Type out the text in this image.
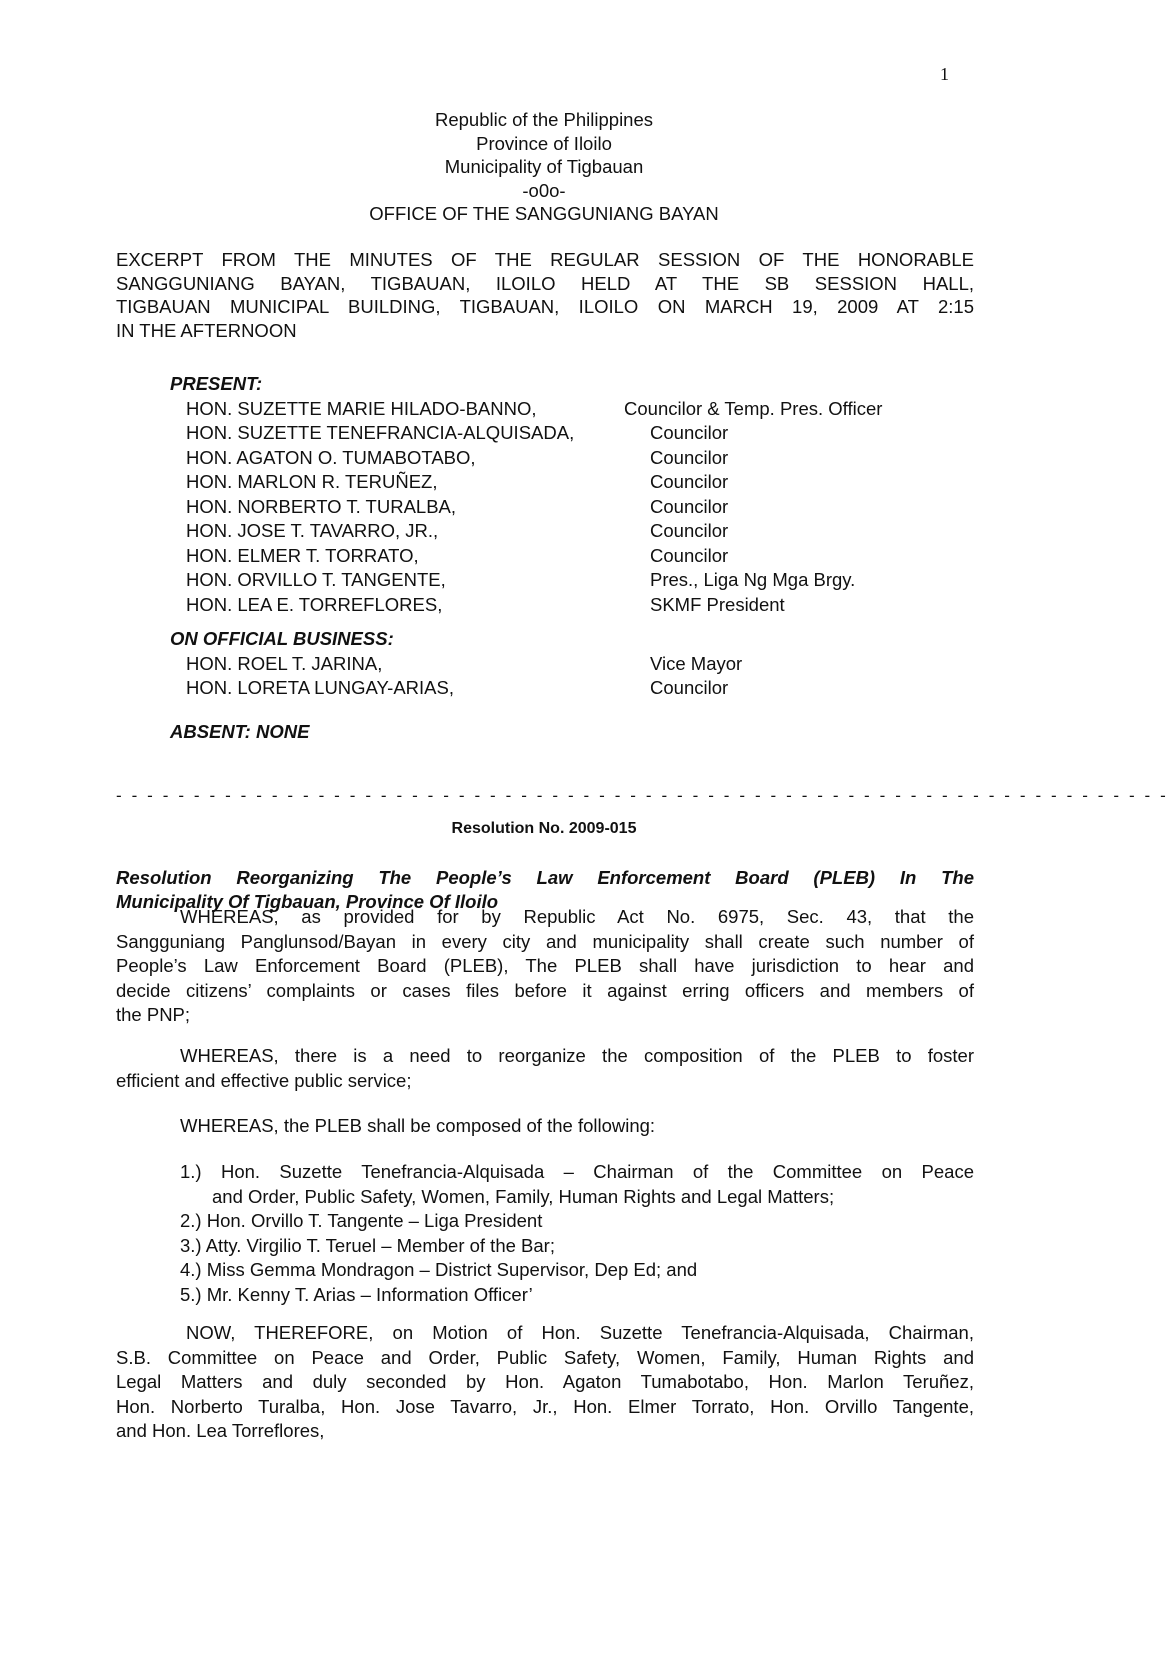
1
Republic of the Philippines
Province of Iloilo
Municipality of Tigbauan
-o0o-
OFFICE OF THE SANGGUNIANG BAYAN
EXCERPT FROM THE MINUTES OF THE REGULAR SESSION OF THE HONORABLE
SANGGUNIANG BAYAN, TIGBAUAN, ILOILO HELD AT THE SB SESSION HALL,
TIGBAUAN MUNICIPAL BUILDING, TIGBAUAN, ILOILO ON MARCH 19, 2009 AT 2:15
IN THE AFTERNOON
PRESENT:
HON. SUZETTE MARIE HILADO-BANNO,	Councilor & Temp. Pres. Officer
HON. SUZETTE TENEFRANCIA-ALQUISADA,	Councilor
HON. AGATON O. TUMABOTABO,	Councilor
HON. MARLON R. TERUÑEZ,	Councilor
HON. NORBERTO T. TURALBA,	Councilor
HON. JOSE T. TAVARRO, JR.,	Councilor
HON. ELMER T. TORRATO,	Councilor
HON. ORVILLO T. TANGENTE,	Pres., Liga Ng Mga Brgy.
HON. LEA E. TORREFLORES,	SKMF President
ON OFFICIAL BUSINESS:
HON. ROEL T. JARINA,	Vice Mayor
HON. LORETA LUNGAY-ARIAS,	Councilor
ABSENT: NONE
- - - - - - - - - - - - - - - - - - - - - - - - - - - - - - - - - - - - - - - - - - - - - - - - - - - - - - - - - - - - - - - - - - - -
Resolution No. 2009-015
Resolution Reorganizing The People’s Law Enforcement Board (PLEB) In The
Municipality Of Tigbauan, Province Of Iloilo
WHEREAS, as provided for by Republic Act No. 6975, Sec. 43, that the
Sangguniang Panglunsod/Bayan in every city and municipality shall create such number of
People’s Law Enforcement Board (PLEB), The PLEB shall have jurisdiction to hear and
decide citizens’ complaints or cases files before it against erring officers and members of
the PNP;
WHEREAS, there is a need to reorganize the composition of the PLEB to foster
efficient and effective public service;
WHEREAS, the PLEB shall be composed of the following:
1.) Hon. Suzette Tenefrancia-Alquisada – Chairman of the Committee on Peace
and Order, Public Safety, Women, Family, Human Rights and Legal Matters;
2.) Hon. Orvillo T. Tangente – Liga President
3.) Atty. Virgilio T. Teruel – Member of the Bar;
4.) Miss Gemma Mondragon – District Supervisor, Dep Ed; and
5.) Mr. Kenny T. Arias – Information Officer’
NOW, THEREFORE, on Motion of Hon. Suzette Tenefrancia-Alquisada, Chairman,
S.B. Committee on Peace and Order, Public Safety, Women, Family, Human Rights and
Legal Matters and duly seconded by Hon. Agaton Tumabotabo, Hon. Marlon Teruñez,
Hon. Norberto Turalba, Hon. Jose Tavarro, Jr., Hon. Elmer Torrato, Hon. Orvillo Tangente,
and Hon. Lea Torreflores,
